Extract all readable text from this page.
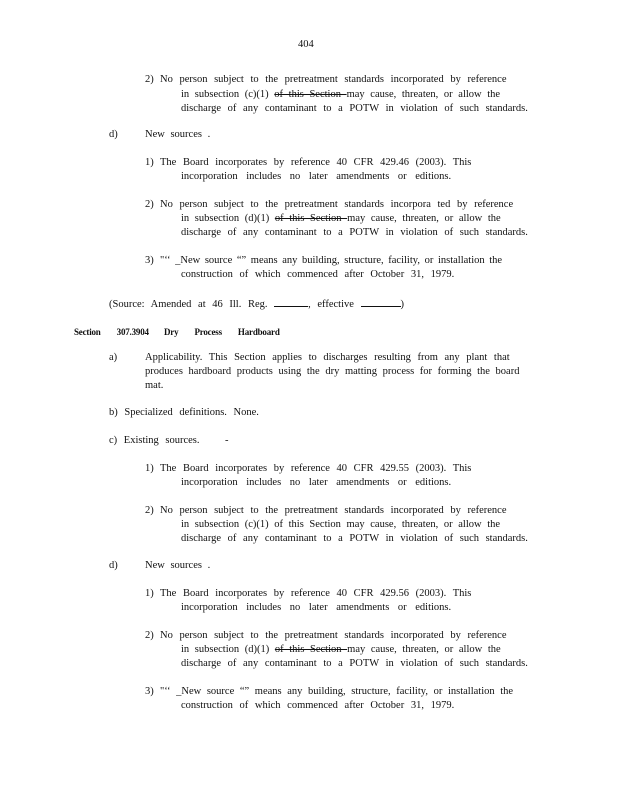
404
2) No person subject to the pretreatment standards incorporated by reference
in subsection (c)(1) of this Section may cause, threaten, or allow the
discharge of any contaminant to a POTW in violation of such standards.
d)	New sources .
1) The Board incorporates by reference 40 CFR 429.46 (2003). This
incorporation includes no later amendments or editions.
2) No person subject to the pretreatment standards incorpora ted by reference
in subsection (d)(1) of this Section may cause, threaten, or allow the
discharge of any contaminant to a POTW in violation of such standards.
3) "‘‘ _New source “” means any building, structure, facility, or installation the
construction of which commenced after October 31, 1979.
(Source: Amended at 46 Ill. Reg.	, effective	)
Section 307.3904 Dry Process Hardboard
a)	Applicability. This Section applies to discharges resulting from any plant that
produces hardboard products using the dry matting process for forming the board
mat.
b) Specialized definitions. None.
c) Existing sources. -
1) The Board incorporates by reference 40 CFR 429.55 (2003). This
incorporation includes no later amendments or editions.
2) No person subject to the pretreatment standards incorporated by reference
in subsection (c)(1) of this Section may cause, threaten, or allow the
discharge of any contaminant to a POTW in violation of such standards.
d)	New sources .
1) The Board incorporates by reference 40 CFR 429.56 (2003). This
incorporation includes no later amendments or editions.
2) No person subject to the pretreatment standards incorporated by reference
in subsection (d)(1) of this Section may cause, threaten, or allow the
discharge of any contaminant to a POTW in violation of such standards.
3) "‘‘ _New source “” means any building, structure, facility, or installation the
construction of which commenced after October 31, 1979.
